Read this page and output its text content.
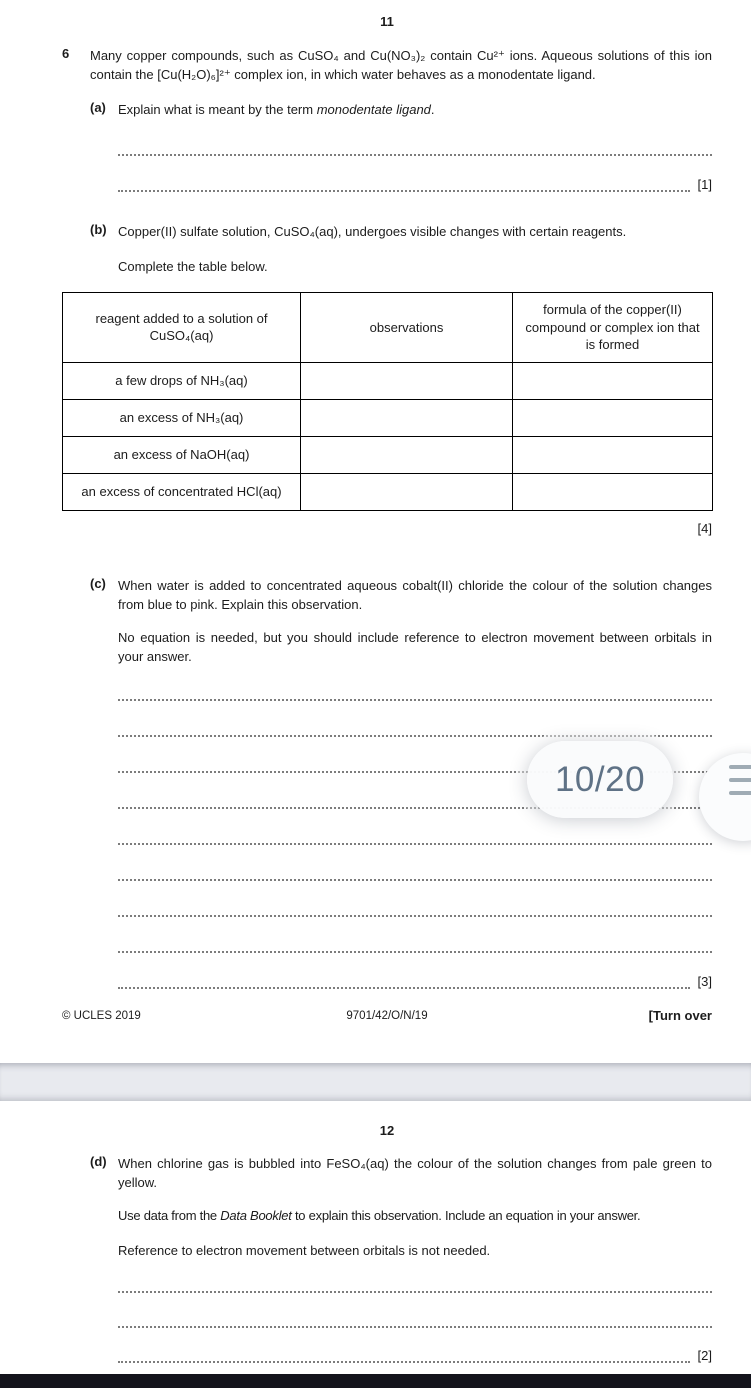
11
6	Many copper compounds, such as CuSO₄ and Cu(NO₃)₂ contain Cu²⁺ ions. Aqueous solutions of this ion contain the [Cu(H₂O)₆]²⁺ complex ion, in which water behaves as a monodentate ligand.
(a) Explain what is meant by the term monodentate ligand.
[1]
(b) Copper(II) sulfate solution, CuSO₄(aq), undergoes visible changes with certain reagents.
Complete the table below.
reagent added to a solution of CuSO₄(aq)	observations	formula of the copper(II) compound or complex ion that is formed
a few drops of NH₃(aq)		
an excess of NH₃(aq)		
an excess of NaOH(aq)		
an excess of concentrated HCl(aq)		
[4]
(c) When water is added to concentrated aqueous cobalt(II) chloride the colour of the solution changes from blue to pink. Explain this observation.
No equation is needed, but you should include reference to electron movement between orbitals in your answer.
[3]
© UCLES 2019	9701/42/O/N/19	[Turn over
12
(d) When chlorine gas is bubbled into FeSO₄(aq) the colour of the solution changes from pale green to yellow.
Use data from the Data Booklet to explain this observation. Include an equation in your answer.
Reference to electron movement between orbitals is not needed.
[2]
10/20
